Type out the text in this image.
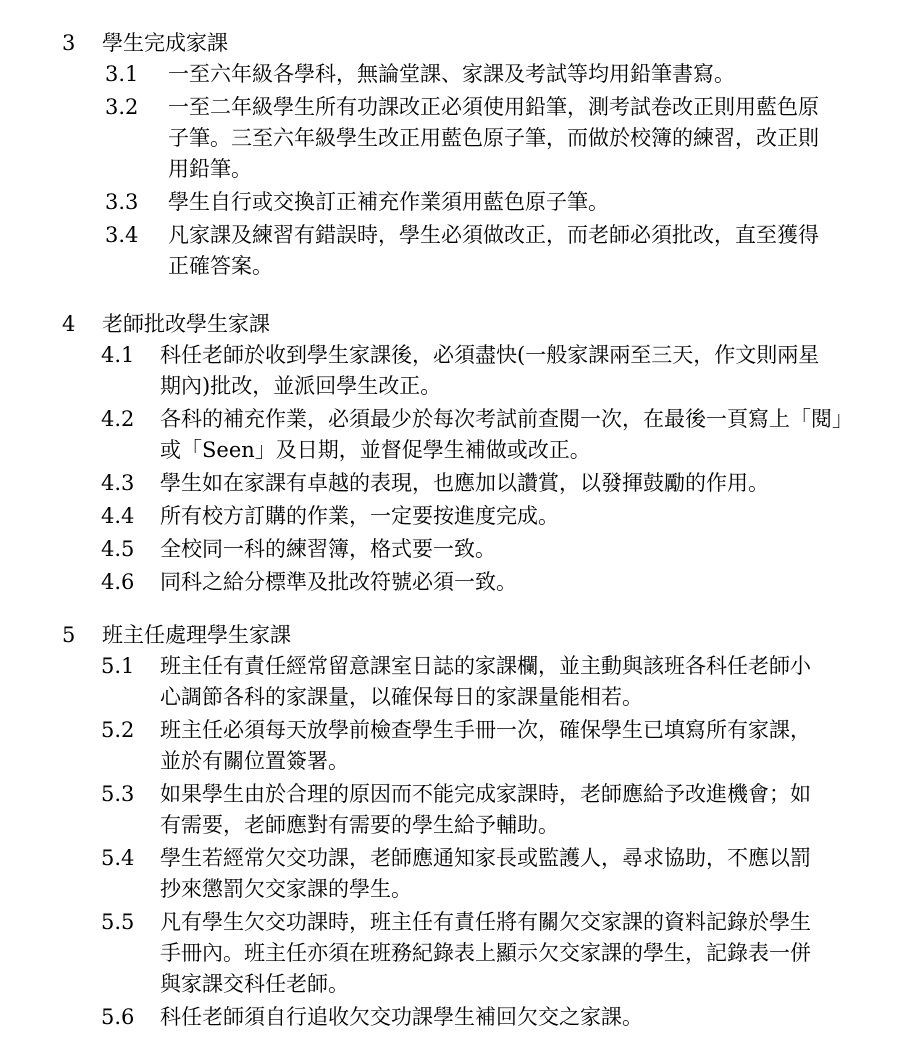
3 學生完成家課
3.1 一至六年級各學科，無論堂課、家課及考試等均用鉛筆書寫。
3.2 一至二年級學生所有功課改正必須使用鉛筆，測考試卷改正則用藍色原
子筆。三至六年級學生改正用藍色原子筆，而做於校簿的練習，改正則
用鉛筆。
3.3 學生自行或交換訂正補充作業須用藍色原子筆。
3.4 凡家課及練習有錯誤時，學生必須做改正，而老師必須批改，直至獲得
正確答案。
4 老師批改學生家課
4.1 科任老師於收到學生家課後，必須盡快(一般家課兩至三天，作文則兩星
期內)批改，並派回學生改正。
4.2 各科的補充作業，必須最少於每次考試前查閱一次，在最後一頁寫上「閱」
或「Seen」及日期，並督促學生補做或改正。
4.3 學生如在家課有卓越的表現，也應加以讚賞，以發揮鼓勵的作用。
4.4 所有校方訂購的作業，一定要按進度完成。
4.5 全校同一科的練習簿，格式要一致。
4.6 同科之給分標準及批改符號必須一致。
5 班主任處理學生家課
5.1 班主任有責任經常留意課室日誌的家課欄，並主動與該班各科任老師小
心調節各科的家課量，以確保每日的家課量能相若。
5.2 班主任必須每天放學前檢查學生手冊一次，確保學生已填寫所有家課，
並於有關位置簽署。
5.3 如果學生由於合理的原因而不能完成家課時，老師應給予改進機會；如
有需要，老師應對有需要的學生給予輔助。
5.4 學生若經常欠交功課，老師應通知家長或監護人，尋求協助，不應以罰
抄來懲罰欠交家課的學生。
5.5 凡有學生欠交功課時，班主任有責任將有關欠交家課的資料記錄於學生
手冊內。班主任亦須在班務紀錄表上顯示欠交家課的學生，記錄表一併
與家課交科任老師。
5.6 科任老師須自行追收欠交功課學生補回欠交之家課。
